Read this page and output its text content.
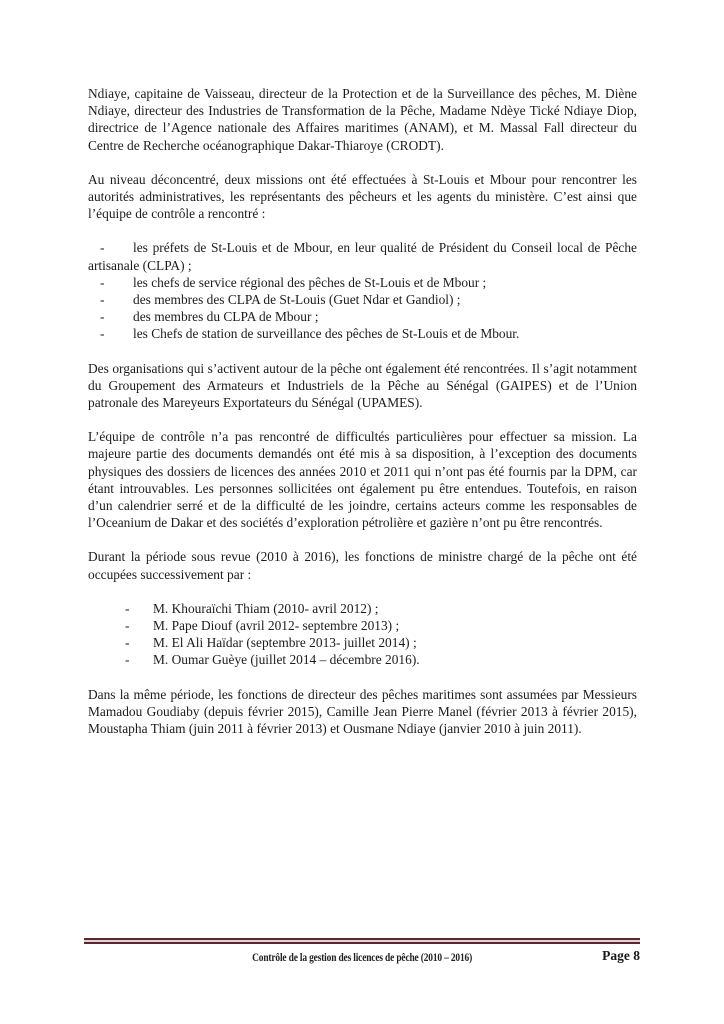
Ndiaye, capitaine de Vaisseau, directeur de la Protection et de la Surveillance des pêches, M. Diène Ndiaye, directeur des Industries de Transformation de la Pêche, Madame Ndèye Tické Ndiaye Diop, directrice de l’Agence nationale des Affaires maritimes (ANAM), et M. Massal Fall directeur du Centre de Recherche océanographique Dakar-Thiaroye (CRODT).

Au niveau déconcentré, deux missions ont été effectuées à St-Louis et Mbour pour rencontrer les autorités administratives, les représentants des pêcheurs et les agents du ministère. C’est ainsi que l’équipe de contrôle a rencontré :

- les préfets de St-Louis et de Mbour, en leur qualité de Président du Conseil local de Pêche artisanale (CLPA) ;
- les chefs de service régional des pêches de St-Louis et de Mbour ;
- des membres des CLPA de St-Louis (Guet Ndar et Gandiol) ;
- des membres du CLPA de Mbour ;
- les Chefs de station de surveillance des pêches de St-Louis et de Mbour.

Des organisations qui s’activent autour de la pêche ont également été rencontrées. Il s’agit notamment du Groupement des Armateurs et Industriels de la Pêche au Sénégal (GAIPES) et de l’Union patronale des Mareyeurs Exportateurs du Sénégal (UPAMES).

L’équipe de contrôle n’a pas rencontré de difficultés particulières pour effectuer sa mission. La majeure partie des documents demandés ont été mis à sa disposition, à l’exception des documents physiques des dossiers de licences des années 2010 et 2011 qui n’ont pas été fournis par la DPM, car étant introuvables. Les personnes sollicitées ont également pu être entendues. Toutefois, en raison d’un calendrier serré et de la difficulté de les joindre, certains acteurs comme les responsables de l’Oceanium de Dakar et des sociétés d’exploration pétrolière et gazière n’ont pu être rencontrés.

Durant la période sous revue (2010 à 2016), les fonctions de ministre chargé de la pêche ont été occupées successivement par :

- M. Khouraïchi Thiam (2010- avril 2012) ;
- M. Pape Diouf (avril 2012- septembre 2013) ;
- M. El Ali Haïdar (septembre 2013- juillet 2014) ;
- M. Oumar Guèye (juillet 2014 – décembre 2016).

Dans la même période, les fonctions de directeur des pêches maritimes sont assumées par Messieurs Mamadou Goudiaby (depuis février 2015), Camille Jean Pierre Manel (février 2013 à février 2015), Moustapha Thiam (juin 2011 à février 2013) et Ousmane Ndiaye (janvier 2010 à juin 2011).

Contrôle de la gestion des licences de pêche (2010 – 2016)	Page 8
